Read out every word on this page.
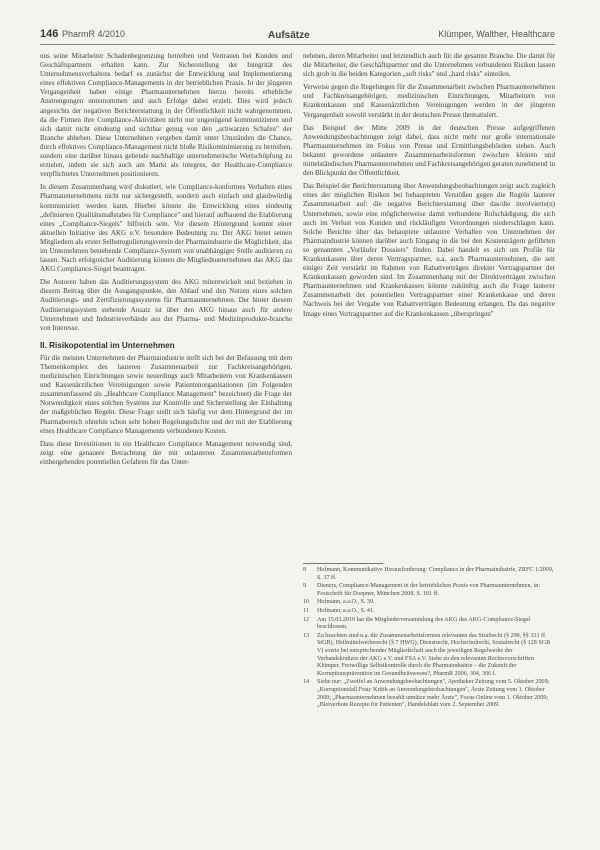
146 PharmR 4/2010	Aufsätze	Klümper, Walther, Healthcare

uns seine Mitarbeiter Schadenbegrenzung betreiben und Vertrauen bei Kunden und Geschäftspartnern erhalten kann. Zur Sicherstellung der Integrität des Unternehmensverhaltens bedarf es zunächst der Entwicklung und Implementierung eines effektiven Compliance-Managements in der betrieblichen Praxis. In der jüngeren Vergangenheit haben einige Pharmaunternehmen hierzu bereits erhebliche Anstrengungen unternommen und auch Erfolge dabei erzielt. Dies wird jedoch angesichts der negativen Berichterstattung in der Öffentlichkeit nicht wahrgenommen, da die Firmen ihre Compliance-Aktivitäten nicht nur ungenügend kommunizieren und sich damit nicht eindeutig und sichtbar genug von den „schwarzen Schafen" der Branche abheben. Diese Unternehmen vergeben damit unter Umständen die Chance, durch effektives Compliance-Management nicht bloße Risikominimierung zu betreiben, sondern eine darüber hinaus gehende nachhaltige unternehmerische Wertschöpfung zu erzielen, indem sie sich auch am Markt als integres, der Healthcare-Compliance verpflichtetes Unternehmen positionieren.

In diesem Zusammenhang wird diskutiert, wie Compliance-konformes Verhalten eines Pharmaunternehmens nicht nur sichergestellt, sondern auch einfach und glaubwürdig kommuniziert werden kann. Hierbei könnte die Entwicklung eines eindeutig „definierten Qualitätsmaßstabes für Compliance" und hierauf aufbauend die Etablierung eines „Compliance-Siegels" hilfreich sein. Vor diesem Hintergrund kommt einer aktuellen Initiative des AKG e.V. besondere Bedeutung zu. Der AKG bietet seinen Mitgliedern als erster Selbstregulierungsverein der Pharmaindustrie die Möglichkeit, das im Unternehmen bestehende Compliance-System von unabhängiger Stelle auditieren zu lassen. Nach erfolgreicher Auditierung können die Mitgliedsunternehmen das AKG das AKG Compliance-Siegel beantragen.

Die Autoren haben das Auditierungssystem des AKG mitentwickelt und beziehen in diesem Beitrag über die Ausgangspunkte, den Ablauf und den Nutzen eines solchen Auditierungs- und Zertifizierungssystems für Pharmaunternehmen. Der hinter diesem Auditierungssystem stehende Ansatz ist über den AKG hinaus auch für andere Unternehmen und Industrieverbände aus der Pharma- und Medizinprodukte-branche von Interesse.

II. Risikopotential im Unternehmen

Für die meisten Unternehmen der Pharmaindustrie stellt sich bei der Befassung mit dem Themenkomplex des lauteren Zusammenarbeit zur Fachkreisangehörigen, medizinischen Einrichtungen sowie neuerdings auch Mitarbeitern von Krankenkassen und Kassenärztlichen Vereinigungen sowie Patientenorganisationen (im Folgenden zusammenfassend als „Healthcare Compliance Management" bezeichnet) die Frage der Notwendigkeit eines solchen Systems zur Kontrolle und Sicherstellung der Einhaltung der maßgeblichen Regeln. Diese Frage stellt sich häufig vor dem Hintergrund der im Pharmabereich ohnehin schon sehr hohen Regelungsdichte und der mit der Etablierung eines Healthcare Compliance Managements verbundenen Kosten.

Dass diese Investitionen in ein Healthcare Compliance Management notwendig sind, zeigt eine genauere Betrachtung der mit unlauteren Zusammenarbeitsformen einhergehenden potentiellen Gefahren für das Unter-

nehmen, deren Mitarbeiter und letztendlich auch für die gesamte Branche. Die damit für die Mitarbeiter, die Geschäftspartner und die Unternehmen verbundenen Risiken lassen sich grob in die beiden Kategorien „soft risks" und „hard risks" einteilen.

Verweise gegen die Regelungen für die Zusammenarbeit zwischen Pharmaunternehmen und Fachkreisangehörigen, medizinischen Einrichtungen, Mitarbeitern von Krankenkassen und Kassenärztlichen Vereinigungen werden in der jüngeren Vergangenheit sowohl verstärkt in der deutschen Presse thematisiert.

Das Beispiel der Mitte 2009 in der deutschen Presse aufgegriffenen Anwendungsbeobachtungen zeigt dabei, dass nicht mehr nur große internationale Pharmaunternehmen im Fokus von Presse und Ermittlungsbehörden stehen. Auch bekannt gewordene unlautere Zusammenarbeitsformen zwischen kleinen und mittelständischen Pharmaunternehmen und Fachkreisangehörigen geraten zunehmend in den Blickpunkt der Öffentlichkeit.

Das Beispiel der Berichterstattung über Anwendungsbeobachtungen zeigt auch zugleich eines der möglichen Risiken bei behaupteten Verstößen gegen die Regeln lauterer Zusammenarbeit auf: die negative Berichterstattung über das/die involvierte(n) Unternehmen, sowie eine möglicherweise damit verbundene Rufschädigung, die sich auch im Verlust von Kunden und rückläufigen Verordnungen niederschlagen kann. Solche Berichte über das behauptete unlautere Verhalten von Unternehmen der Pharmaindustrie können darüber auch Eingang in die bei den Kostenträgern geführten so genannten „Vorläufer Dossiers" finden. Dabei handelt es sich um Profile für Krankenkassen über deren Vertragspartner, u.a. auch Pharmaunternehmen, die seit einiger Zeit verstärkt im Rahmen von Rabattverträgen direkter Vertragspartner der Krankenkassen geworden sind. Im Zusammenhang mit der Direktverträgen zwischen Pharmaunternehmen und Krankenkassen könnte zukünftig auch die Frage lauterer Zusammenarbeit der potentiellen Vertragspartner einer Krankenkasse und deren Nachweis bei der Vergabe von Rabattverträgen Bedeutung erlangen. Da das negative Image eines Vertragspartner auf die Krankenkassen „überspringen"

8	Hofmann, Kommunikative Herausforderung: Compliance in der Pharmaindustrie, ZRFC 1/2009, S. 37 ff.
9	Dieners, Compliance-Management in der betrieblichen Praxis von Pharmaunternehmen, in: Festschrift für Doepner, München 2008, S. 181 ff.
10	Hofmann, a.a.O., S. 39.
11	Hofmann, a.a.O., S. 41.
12	Am 15.03.2010 hat die Mitgliederversammlung des AKG das AKG-Compliance-Siegel beschlossen.
13	Zu beachten sind u.a. die Zusammenarbeitsformen relevanten das Strafrecht (§ 299, §§ 331 ff. StGB), Heilmittelwerberecht (§ 7 HWG), Dienstrecht, Hochschulrecht, Sozialrecht (§ 128 SGB V) sowie bei entsprechender Mitgliedschaft auch die jeweiligen Regelwerke der Verbandskodizes der AKG e.V. und FSA e.V. Siehe zu den relevanten Rechtsvorschriften Klümper, Freiwillige Selbstkontrolle durch die Pharmaindustrie – die Zukunft der Korruptionsprävention im Gesundheitswesen?, PharmR 2006, 304, 306 f.
14	Siehe nur: „Zweifel an Anwendungsbeobachtungen", Apotheker Zeitung vom 5. Oktober 2009; „Korruptionsfall Frau: Kritik an Anwendungsbeobachtungen", Ärzte Zeitung vom 1. Oktober 2009; „Pharmaunternehmen bezahlt unnütze mehr Ärzte", Focus Online vom 1. Oktober 2009; „Bleiverbote Rezepte für Patienten", Handelsblatt vom 2. September 2009.
